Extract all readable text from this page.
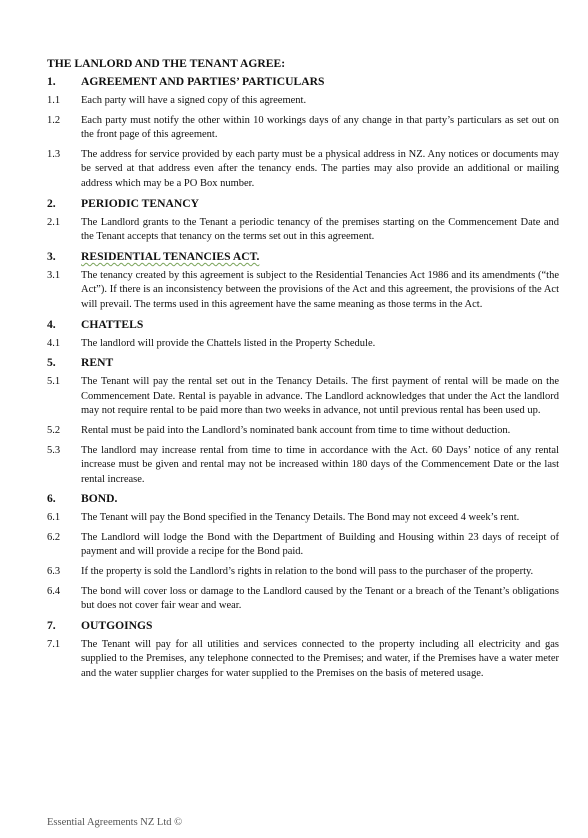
THE LANLORD AND THE TENANT AGREE:
1.	AGREEMENT AND PARTIES’ PARTICULARS
1.1	Each party will have a signed copy of this agreement.
1.2	Each party must notify the other within 10 workings days of any change in that party’s particulars as set out on the front page of this agreement.
1.3	The address for service provided by each party must be a physical address in NZ. Any notices or documents may be served at that address even after the tenancy ends. The parties may also provide an additional or mailing address which may be a PO Box number.
2.	PERIODIC TENANCY
2.1	The Landlord grants to the Tenant a periodic tenancy of the premises starting on the Commencement Date and the Tenant accepts that tenancy on the terms set out in this agreement.
3.	RESIDENTIAL TENANCIES ACT.
3.1	The tenancy created by this agreement is subject to the Residential Tenancies Act 1986 and its amendments (“the Act”). If there is an inconsistency between the provisions of the Act and this agreement, the provisions of the Act will prevail. The terms used in this agreement have the same meaning as those terms in the Act.
4.	CHATTELS
4.1	The landlord will provide the Chattels listed in the Property Schedule.
5.	RENT
5.1	The Tenant will pay the rental set out in the Tenancy Details. The first payment of rental will be made on the Commencement Date. Rental is payable in advance. The Landlord acknowledges that under the Act the landlord may not require rental to be paid more than two weeks in advance, not until previous rental has been used up.
5.2	Rental must be paid into the Landlord’s nominated bank account from time to time without deduction.
5.3	The landlord may increase rental from time to time in accordance with the Act. 60 Days’ notice of any rental increase must be given and rental may not be increased within 180 days of the Commencement Date or the last rental increase.
6.	BOND.
6.1	The Tenant will pay the Bond specified in the Tenancy Details. The Bond may not exceed 4 week’s rent.
6.2	The Landlord will lodge the Bond with the Department of Building and Housing within 23 days of receipt of payment and will provide a recipe for the Bond paid.
6.3	If the property is sold the Landlord’s rights in relation to the bond will pass to the purchaser of the property.
6.4	The bond will cover loss or damage to the Landlord caused by the Tenant or a breach of the Tenant’s obligations but does not cover fair wear and wear.
7.	OUTGOINGS
7.1	The Tenant will pay for all utilities and services connected to the property including all electricity and gas supplied to the Premises, any telephone connected to the Premises; and water, if the Premises have a water meter and the water supplier charges for water supplied to the Premises on the basis of metered usage.
Essential Agreements NZ Ltd ©
